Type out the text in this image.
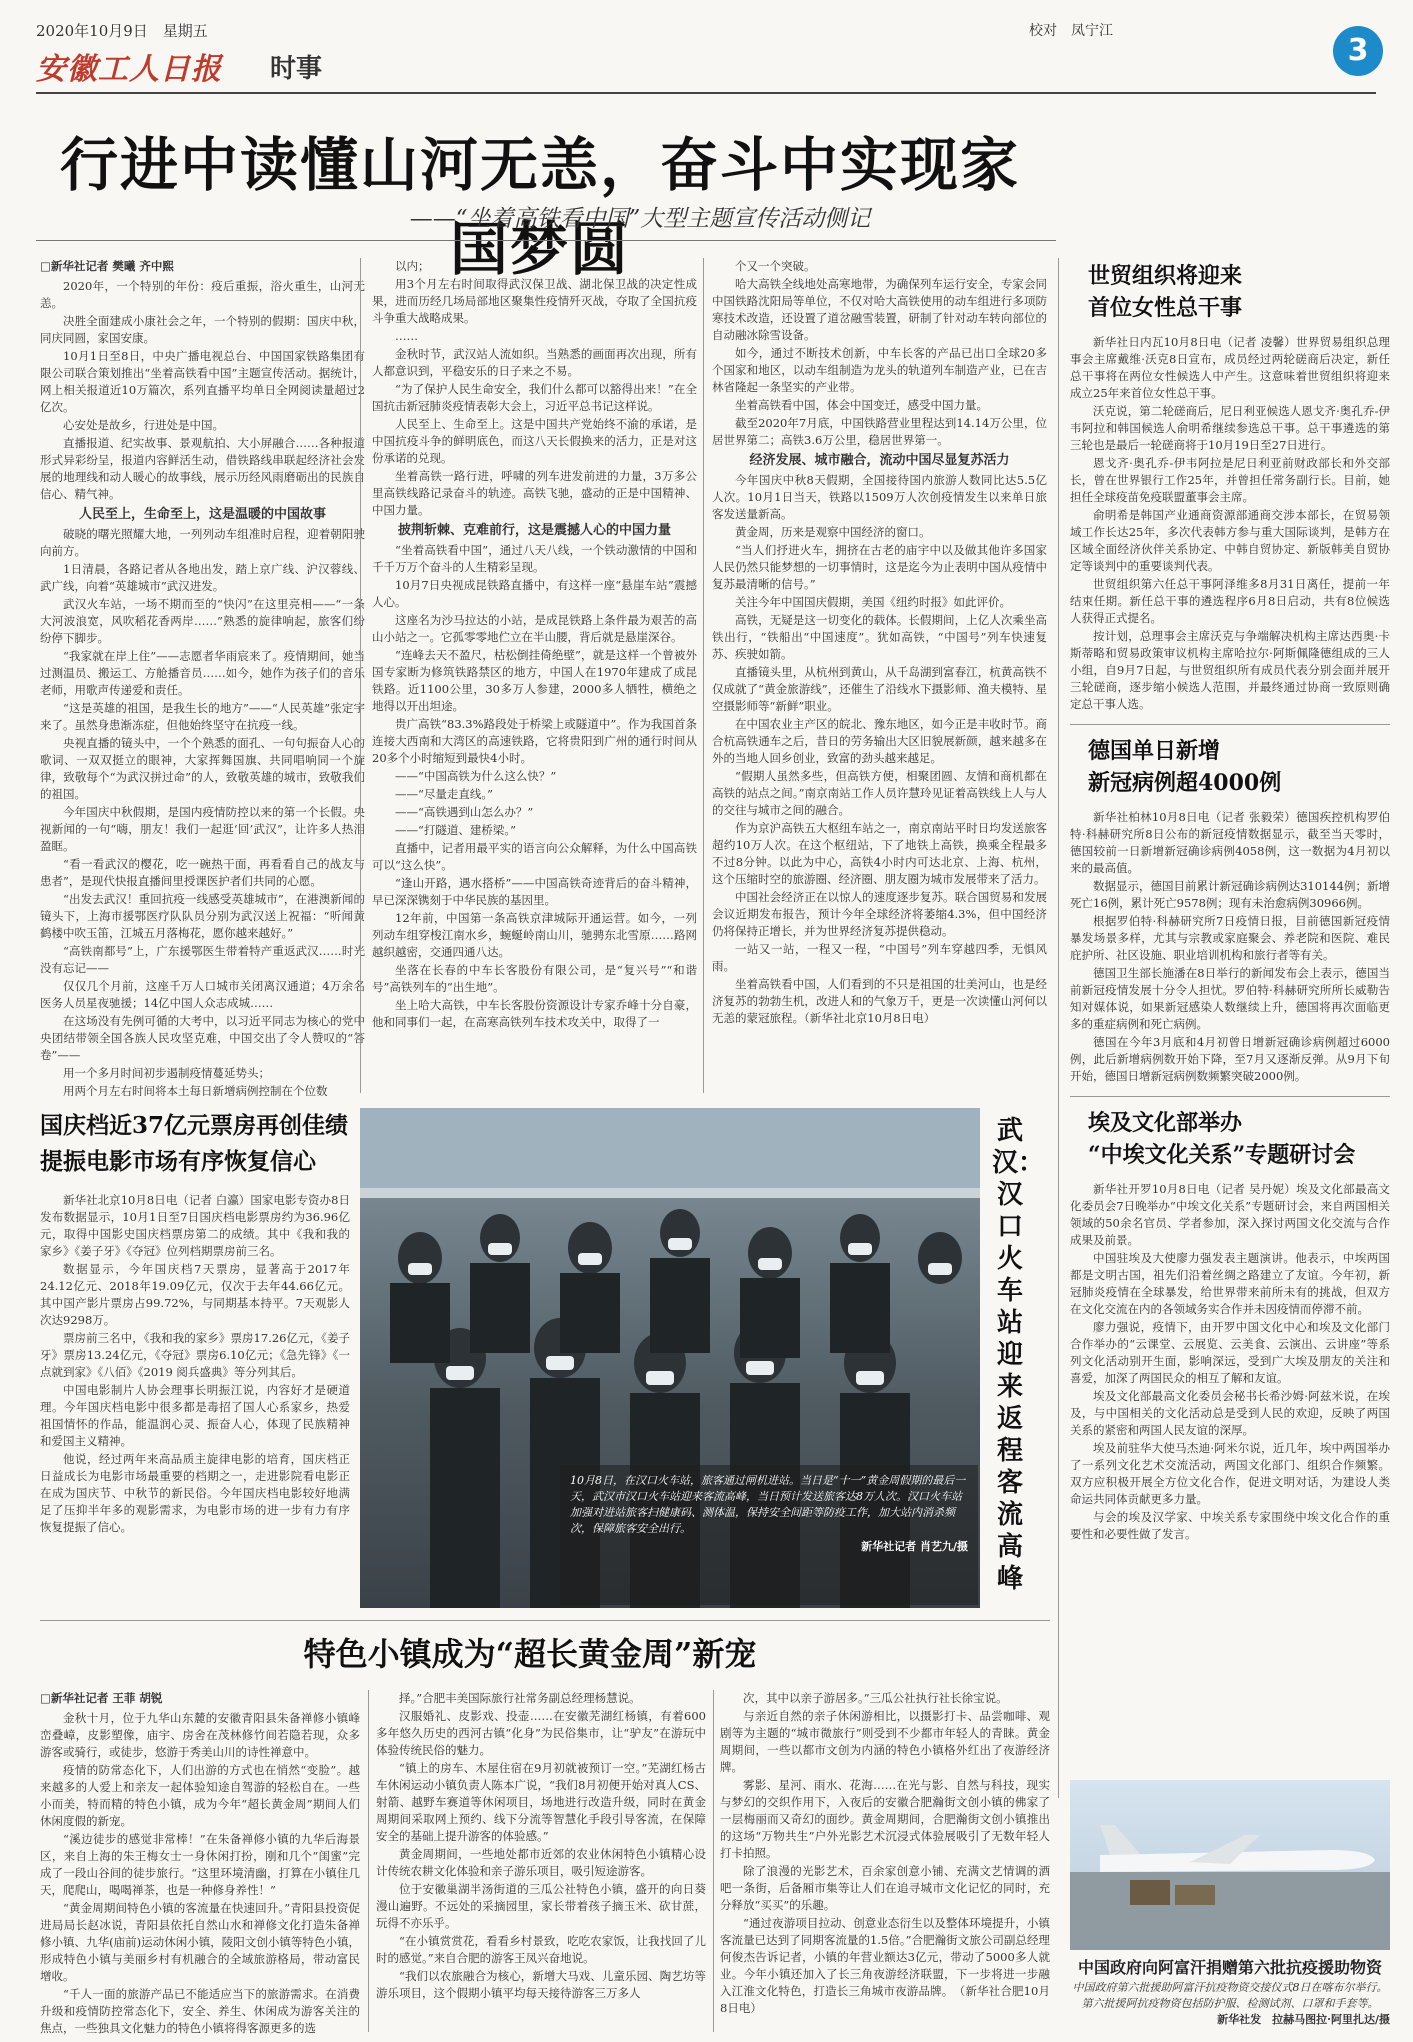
2020年10月9日　星期五
安徽工人日报 时事
校对　凤宁江
3
行进中读懂山河无恙，奋斗中实现家国梦圆
——“坐着高铁看中国”大型主题宣传活动侧记

□新华社记者 樊曦 齐中熙

2020年，一个特别的年份：疫后重振，浴火重生，山河无恙。

决胜全面建成小康社会之年，一个特别的假期：国庆中秋，同庆同圆，家国安康。

10月1日至8日，中央广播电视总台、中国国家铁路集团有限公司联合策划推出“坐着高铁看中国”主题宣传活动。据统计，网上相关报道近10万篇次，系列直播平均单日全网阅读量超过2亿次。

心安处是故乡，行进处是中国。

直播报道、纪实故事、景观航拍、大小屏融合……各种报道形式异彩纷呈，报道内容鲜活生动，借铁路线串联起经济社会发展的地理线和动人暖心的故事线，展示历经风雨磨砺出的民族自信心、精气神。

人民至上，生命至上，这是温暖的中国故事

破晓的曙光照耀大地，一列列动车组准时启程，迎着朝阳驶向前方。

1日清晨，各路记者从各地出发，踏上京广线、沪汉蓉线、武广线，向着“英雄城市”武汉进发。

武汉火车站，一场不期而至的“快闪”在这里亮相——“一条大河波浪宽，风吹稻花香两岸……”熟悉的旋律响起，旅客们纷纷停下脚步。

“我家就在岸上住”——志愿者华雨宸来了。疫情期间，她当过测温员、搬运工、方舱播音员……如今，她作为孩子们的音乐老师，用歌声传递爱和责任。

“这是英雄的祖国，是我生长的地方”——“人民英雄”张定宇来了。虽然身患渐冻症，但他始终坚守在抗疫一线。

央视直播的镜头中，一个个熟悉的面孔、一句句振奋人心的歌词、一双双挺立的眼神，大家挥舞国旗、共同唱响同一个旋律，致敬每个“为武汉拼过命”的人，致敬英雄的城市，致敬我们的祖国。

今年国庆中秋假期，是国内疫情防控以来的第一个长假。央视新闻的一句“嗨，朋友！我们一起逛‘回’武汉”，让许多人热泪盈眶。

“看一看武汉的樱花，吃一碗热干面，再看看自己的战友与患者”，是现代快报直播间里授课医护者们共同的心愿。

“出发去武汉！重回抗疫一线感受英雄城市”，在港澳新闻的镜头下，上海市援鄂医疗队队员分别为武汉送上祝福：“听闻黄鹤楼中吹玉笛，江城五月落梅花，愿你越来越好。”

“高铁南都号”上，广东援鄂医生带着特产重返武汉……时光没有忘记——

仅仅几个月前，这座千万人口城市关闭离汉通道；4万余名医务人员星夜驰援；14亿中国人众志成城……

在这场没有先例可循的大考中，以习近平同志为核心的党中央团结带领全国各族人民攻坚克难，中国交出了令人赞叹的“答卷”——

用一个多月时间初步遏制疫情蔓延势头；

用两个月左右时间将本土每日新增病例控制在个位数

以内；

用3个月左右时间取得武汉保卫战、湖北保卫战的决定性成果，进而历经几场局部地区聚集性疫情歼灭战，夺取了全国抗疫斗争重大战略成果。

……

金秋时节，武汉站人流如织。当熟悉的画面再次出现，所有人都意识到，平稳安乐的日子来之不易。

“为了保护人民生命安全，我们什么都可以豁得出来！”在全国抗击新冠肺炎疫情表彰大会上，习近平总书记这样说。

人民至上、生命至上。这是中国共产党始终不渝的承诺，是中国抗疫斗争的鲜明底色，而这八天长假换来的活力，正是对这份承诺的兑现。

坐着高铁一路行进，呼啸的列车进发前进的力量，3万多公里高铁线路记录奋斗的轨迹。高铁飞驰，盛动的正是中国精神、中国力量。

披荆斩棘、克难前行，这是震撼人心的中国力量

“坐着高铁看中国”，通过八天八线，一个铁动激情的中国和千千万万个奋斗的人生精彩呈现。

10月7日央视成昆铁路直播中，有这样一座“悬崖车站”震撼人心。

这座名为沙马拉达的小站，是成昆铁路上条件最为艰苦的高山小站之一。它孤零零地伫立在半山腰，背后就是悬崖深谷。

“连峰去天不盈尺，枯松倒挂倚绝壁”，就是这样一个曾被外国专家断为修筑铁路禁区的地方，中国人在1970年建成了成昆铁路。近1100公里，30多万人参建，2000多人牺牲，横绝之地得以开出坦途。

贵广高铁“83.3%路段处于桥梁上或隧道中”。作为我国首条连接大西南和大湾区的高速铁路，它将贵阳到广州的通行时间从20多个小时缩短到最快4小时。

——“中国高铁为什么这么快？”

——“尽量走直线。”

——“高铁遇到山怎么办？”

——“打隧道、建桥梁。”

直播中，记者用最平实的语言向公众解释，为什么中国高铁可以“这么快”。

“逢山开路，遇水搭桥”——中国高铁奇迹背后的奋斗精神，早已深深镌刻于中华民族的基因里。

12年前，中国第一条高铁京津城际开通运营。如今，一列列动车组穿梭江南水乡，蜿蜒岭南山川，驰骋东北雪原……路网越织越密，交通四通八达。

坐落在长春的中车长客股份有限公司，是“复兴号”“和谐号”高铁列车的“出生地”。

坐上哈大高铁，中车长客股份资源设计专家乔峰十分自豪，他和同事们一起，在高寒高铁列车技术攻关中，取得了一

个又一个突破。

哈大高铁全线地处高寒地带，为确保列车运行安全，专家会同中国铁路沈阳局等单位，不仅对哈大高铁使用的动车组进行多项防寒技术改造，还设置了道岔融雪装置，研制了针对动车转向部位的自动融冰除雪设备。

如今，通过不断技术创新，中车长客的产品已出口全球20多个国家和地区，以动车组制造为龙头的轨道列车制造产业，已在吉林省隆起一条坚实的产业带。

坐着高铁看中国，体会中国变迁，感受中国力量。

截至2020年7月底，中国铁路营业里程达到14.14万公里，位居世界第二；高铁3.6万公里，稳居世界第一。

经济发展、城市融合，流动中国尽显复苏活力

今年国庆中秋8天假期，全国接待国内旅游人数同比达5.5亿人次。10月1日当天，铁路以1509万人次创疫情发生以来单日旅客发送量新高。

黄金周，历来是观察中国经济的窗口。

“当人们抒进火车，拥挤在古老的庙宇中以及做其他许多国家人民仍然只能梦想的一切事情时，这是迄今为止表明中国从疫情中复苏最清晰的信号。”

关注今年中国国庆假期，美国《纽约时报》如此评价。

高铁，无疑是这一切变化的载体。长假期间，上亿人次乘坐高铁出行，“铁船出“中国速度”。犹如高铁，“中国号”列车快速复苏、疾驶如箭。

直播镜头里，从杭州到黄山，从千岛湖到富春江，杭黄高铁不仅成就了“黄金旅游线”，还催生了沿线水下摄影师、渔夫模特、星空摄影师等“新鲜”职业。

在中国农业主产区的皖北、豫东地区，如今正是丰收时节。商合杭高铁通车之后，昔日的劳务输出大区旧貌展新颜，越来越多在外的当地人回乡创业，致富的劲头越来越足。

“假期人虽然多些，但高铁方便，相聚团圆、友情和商机都在高铁的站点之间。”南京南站工作人员许慧玲见证着高铁线上人与人的交往与城市之间的融合。

作为京沪高铁五大枢纽车站之一，南京南站平时日均发送旅客超约10万人次。在这个枢纽站，下了地铁上高铁，换乘全程最多不过8分钟。以此为中心，高铁4小时内可达北京、上海、杭州，这个压缩时空的旅游圈、经济圈、朋友圈为城市发展带来了活力。

中国社会经济正在以惊人的速度逐步复苏。联合国贸易和发展会议近期发布报告，预计今年全球经济将萎缩4.3%，但中国经济仍将保持正增长，并为世界经济复苏提供稳动。

一站又一站，一程又一程，“中国号”列车穿越四季，无惧风雨。

坐着高铁看中国，人们看到的不只是祖国的壮美河山，也是经济复苏的勃勃生机，改进人和的气象万千，更是一次读懂山河何以无恙的蒙冠旅程。（新华社北京10月8日电）

国庆档近37亿元票房再创佳绩
提振电影市场有序恢复信心

新华社北京10月8日电（记者 白瀛）国家电影专资办8日发布数据显示，10月1日至7日国庆档电影票房约为36.96亿元，取得中国影史国庆档票房第二的成绩。其中《我和我的家乡》《姜子牙》《夺冠》位列档期票房前三名。

数据显示，今年国庆档7天票房，显著高于2017年24.12亿元、2018年19.09亿元，仅次于去年44.66亿元。其中国产影片票房占99.72%，与同期基本持平。7天观影人次达9298万。

票房前三名中，《我和我的家乡》票房17.26亿元，《姜子牙》票房13.24亿元，《夺冠》票房6.10亿元；《急先锋》《一点就到家》《八佰》《2019 阅兵盛典》等分列其后。

中国电影制片人协会理事长明振江说，内容好才是硬道理。今年国庆档电影中很多都是毒招了国人心系家乡，热爱祖国情怀的作品，能温润心灵、振奋人心，体现了民族精神和爱国主义精神。

他说，经过两年来高品质主旋律电影的培育，国庆档正日益成长为电影市场最重要的档期之一，走进影院看电影正在成为国庆节、中秋节的新民俗。今年国庆档电影较好地满足了压抑半年多的观影需求，为电影市场的进一步有力有序恢复提振了信心。

武汉：汉口火车站迎来返程客流高峰
10月8日，在汉口火车站，旅客通过闸机进站。当日是“十一”黄金周假期的最后一天，武汉市汉口火车站迎来客流高峰，当日预计发送旅客达8万人次。汉口火车站加强对进站旅客扫健康码、测体温，保持安全间距等防疫工作，加大站内消杀频次，保障旅客安全出行。
新华社记者 肖艺九/摄
世贸组织将迎来
首位女性总干事

新华社日内瓦10月8日电（记者 凌馨）世界贸易组织总理事会主席戴维·沃克8日宣布，成员经过两轮磋商后决定，新任总干事将在两位女性候选人中产生。这意味着世贸组织将迎来成立25年来首位女性总干事。

沃克说，第二轮磋商后，尼日利亚候选人恩戈齐·奥孔乔-伊韦阿拉和韩国候选人俞明希继续参选总干事。总干事遴选的第三轮也是最后一轮磋商将于10月19日至27日进行。

恩戈齐·奥孔乔-伊韦阿拉是尼日利亚前财政部长和外交部长，曾在世界银行工作25年，并曾担任常务副行长。目前，她担任全球疫苗免疫联盟董事会主席。

俞明希是韩国产业通商资源部通商交涉本部长，在贸易领域工作长达25年，多次代表韩方参与重大国际谈判，是韩方在区域全面经济伙伴关系协定、中韩自贸协定、新版韩美自贸协定等谈判中的重要谈判代表。

世贸组织第六任总干事阿泽维多8月31日离任，提前一年结束任期。新任总干事的遴选程序6月8日启动，共有8位候选人获得正式提名。

按计划，总理事会主席沃克与争端解决机构主席达西奥·卡斯蒂略和贸易政策审议机构主席哈拉尔·阿斯佩隆德组成的三人小组，自9月7日起，与世贸组织所有成员代表分别会面并展开三轮磋商，逐步缩小候选人范围，并最终通过协商一致原则确定总干事人选。

德国单日新增
新冠病例超4000例

新华社柏林10月8日电（记者 张毅荣）德国疾控机构罗伯特·科赫研究所8日公布的新冠疫情数据显示，截至当天零时，德国较前一日新增新冠确诊病例4058例，这一数据为4月初以来的最高值。

数据显示，德国目前累计新冠确诊病例达310144例；新增死亡16例，累计死亡9578例；现有未治愈病例30966例。

根据罗伯特·科赫研究所7日疫情日报，目前德国新冠疫情暴发场景多样，尤其与宗教或家庭聚会、养老院和医院、难民庇护所、社区设施、职业培训机构和旅行者等有关。

德国卫生部长施潘在8日举行的新闻发布会上表示，德国当前新冠疫情发展十分令人担忧。罗伯特·科赫研究所所长威勒告知对媒体说，如果新冠感染人数继续上升，德国将再次面临更多的重症病例和死亡病例。

德国在今年3月底和4月初曾日增新冠确诊病例超过6000例，此后新增病例数开始下降，至7月又逐渐反弹。从9月下旬开始，德国日增新冠病例数频繁突破2000例。

埃及文化部举办
“中埃文化关系”专题研讨会

新华社开罗10月8日电（记者 吴丹妮）埃及文化部最高文化委员会7日晚举办“中埃文化关系”专题研讨会，来自两国相关领域的50余名官员、学者参加，深入探讨两国文化交流与合作成果及前景。

中国驻埃及大使廖力强发表主题演讲。他表示，中埃两国都是文明古国，祖先们沿着丝绸之路建立了友谊。今年初，新冠肺炎疫情在全球暴发，给世界带来前所未有的挑战，但双方在文化交流在内的各领域务实合作并未因疫情而停滞不前。

廖力强说，疫情下，由开罗中国文化中心和埃及文化部门合作举办的“云课堂、云展览、云美食、云演出、云讲座”等系列文化活动别开生面，影响深远，受到广大埃及朋友的关注和喜爱，加深了两国民众的相互了解和友谊。

埃及文化部最高文化委员会秘书长希沙姆·阿兹米说，在埃及，与中国相关的文化活动总是受到人民的欢迎，反映了两国关系的紧密和两国人民友谊的深厚。

埃及前驻华大使马杰迪·阿米尔说，近几年，埃中两国举办了一系列文化艺术交流活动，两国文化部门、组织合作频繁。双方应积极开展全方位文化合作，促进文明对话，为建设人类命运共同体贡献更多力量。

与会的埃及汉学家、中埃关系专家围绕中埃文化合作的重要性和必要性做了发言。

中国政府向阿富汗捐赠第六批抗疫援助物资
中国政府第六批援助阿富汗抗疫物资交接仪式8日在喀布尔举行。第六批援阿抗疫物资包括防护服、检测试剂、口罩和手套等。
新华社发　拉赫马图拉·阿里扎达/摄
特色小镇成为“超长黄金周”新宠
□新华社记者 王菲 胡锐

金秋十月，位于九华山东麓的安徽青阳县朱备禅修小镇峰峦叠嶂，皮影塑像，庙宇、房舍在茂林修竹间若隐若现，众多游客或骑行，或徒步，悠游于秀美山川的诗性禅意中。

疫情的防常态化下，人们出游的方式也在悄然“变脸”。越来越多的人爱上和亲友一起体验知途自驾游的轻松自在。一些小而美，特而精的特色小镇，成为今年“超长黄金周”期间人们休闲度假的新宠。

“溪边徒步的感觉非常棒！”在朱备禅修小镇的九华后海景区，来自上海的朱王梅女士一身休闲打扮，刚和几个“闺蜜”完成了一段山谷间的徒步旅行。“这里环境清幽，打算在小镇住几天，爬爬山，喝喝禅茶，也是一种修身养性！”

“黄金周期间特色小镇的客流量在快速回升。”青阳县投资促进局局长赵冰说，青阳县依托自然山水和禅修文化打造朱备禅修小镇、九华(庙前)运动休闲小镇，陵阳文创小镇等特色小镇，形成特色小镇与美丽乡村有机融合的全域旅游格局，带动富民增收。

“千人一面的旅游产品已不能适应当下的旅游需求。在消费升级和疫情防控常态化下，安全、养生、休闲成为游客关注的焦点，一些独具文化魅力的特色小镇将得客源更多的选

择。”合肥丰美国际旅行社常务副总经理杨慧说。

汉服婚礼、皮影戏、投壶……在安徽芜湖红杨镇，有着600多年悠久历史的西河古镇“化身”为民俗集市，让“驴友”在游玩中体验传统民俗的魅力。

“镇上的房车、木屋住宿在9月初就被预订一空。”芜湖红杨古车休闲运动小镇负责人陈本广说，“我们8月初便开始对真人CS、射箭、越野车赛道等休闲项目，场地进行改造升级，同时在黄金周期间采取网上预约、线下分流等智慧化手段引导客流，在保障安全的基础上提升游客的体验感。”

黄金周期间，一些地处都市近郊的农业休闲特色小镇精心设计传统农耕文化体验和亲子游乐项目，吸引短途游客。

位于安徽巢湖半汤街道的三瓜公社特色小镇，盛开的向日葵漫山遍野。不远处的采摘园里，家长带着孩子摘玉米、砍甘蔗，玩得不亦乐乎。

“在小镇赏赏花，看看乡村景致，吃吃农家饭，让我找回了儿时的感觉。”来自合肥的游客王凤兴奋地说。

“我们以农旅融合为核心，新增大马戏、儿童乐园、陶艺坊等游乐项目，这个假期小镇平均每天接待游客三万多人

次，其中以亲子游居多。”三瓜公社执行社长徐宝说。

与亲近自然的亲子休闲游相比，以摄影打卡、品尝咖啡、观剧等为主题的“城市微旅行”则受到不少都市年轻人的青睐。黄金周期间，一些以都市文创为内涵的特色小镇格外红出了夜游经济牌。

雾影、星河、雨水、花海……在光与影、自然与科技，现实与梦幻的交织作用下，入夜后的安徽合肥瀚街文创小镇的佛家了一层梅丽而又奇幻的面纱。黄金周期间，合肥瀚街文创小镇推出的这场“万物共生”户外光影艺术沉浸式体验展吸引了无数年轻人打卡拍照。

除了浪漫的光影艺术，百余家创意小铺、充满文艺情调的酒吧一条街，后备厢市集等让人们在追寻城市文化记忆的同时，充分释放“买买”的乐趣。

“通过夜游项目拉动、创意业态衍生以及整体环境提升，小镇客流量已达到了同期客流量的1.5倍。”合肥瀚街文旅公司副总经理何俊杰告诉记者，小镇的年营业额达3亿元，带动了5000多人就业。今年小镇还加入了长三角夜游经济联盟，下一步将进一步融入江淮文化特色，打造长三角城市夜游品牌。　（新华社合肥10月8日电）
